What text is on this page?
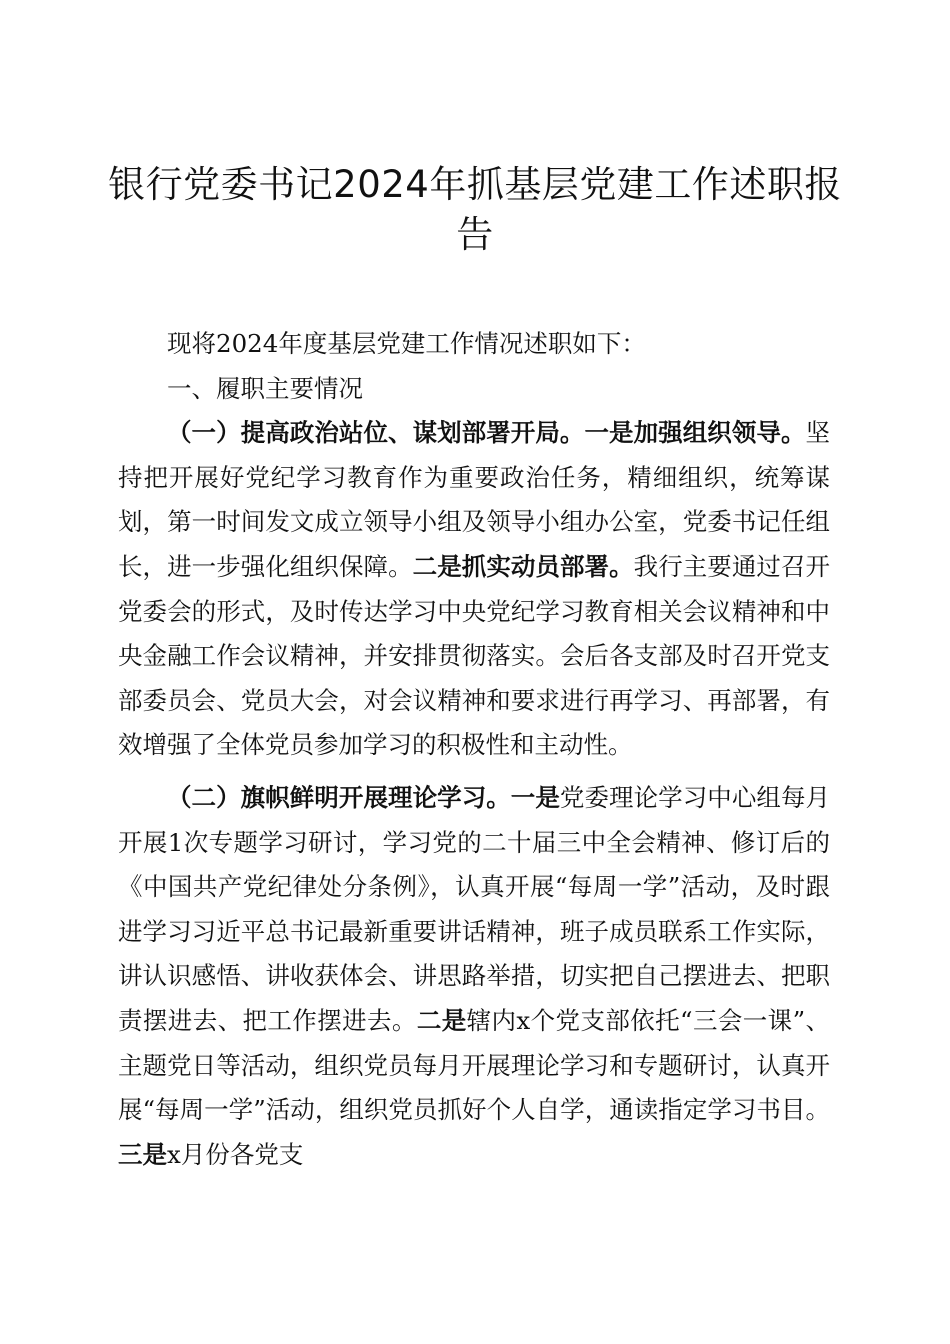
银行党委书记2024年抓基层党建工作述职报告

现将2024年度基层党建工作情况述职如下：

一、履职主要情况

（一）提高政治站位、谋划部署开局。一是加强组织领导。坚持把开展好党纪学习教育作为重要政治任务，精细组织，统筹谋划，第一时间发文成立领导小组及领导小组办公室，党委书记任组长，进一步强化组织保障。二是抓实动员部署。我行主要通过召开党委会的形式，及时传达学习中央党纪学习教育相关会议精神和中央金融工作会议精神，并安排贯彻落实。会后各支部及时召开党支部委员会、党员大会，对会议精神和要求进行再学习、再部署，有效增强了全体党员参加学习的积极性和主动性。

（二）旗帜鲜明开展理论学习。一是党委理论学习中心组每月开展1次专题学习研讨，学习党的二十届三中全会精神、修订后的《中国共产党纪律处分条例》，认真开展“每周一学”活动，及时跟进学习习近平总书记最新重要讲话精神，班子成员联系工作实际，讲认识感悟、讲收获体会、讲思路举措，切实把自己摆进去、把职责摆进去、把工作摆进去。二是辖内x个党支部依托“三会一课”、主题党日等活动，组织党员每月开展理论学习和专题研讨，认真开展“每周一学”活动，组织党员抓好个人自学，通读指定学习书目。三是x月份各党支
